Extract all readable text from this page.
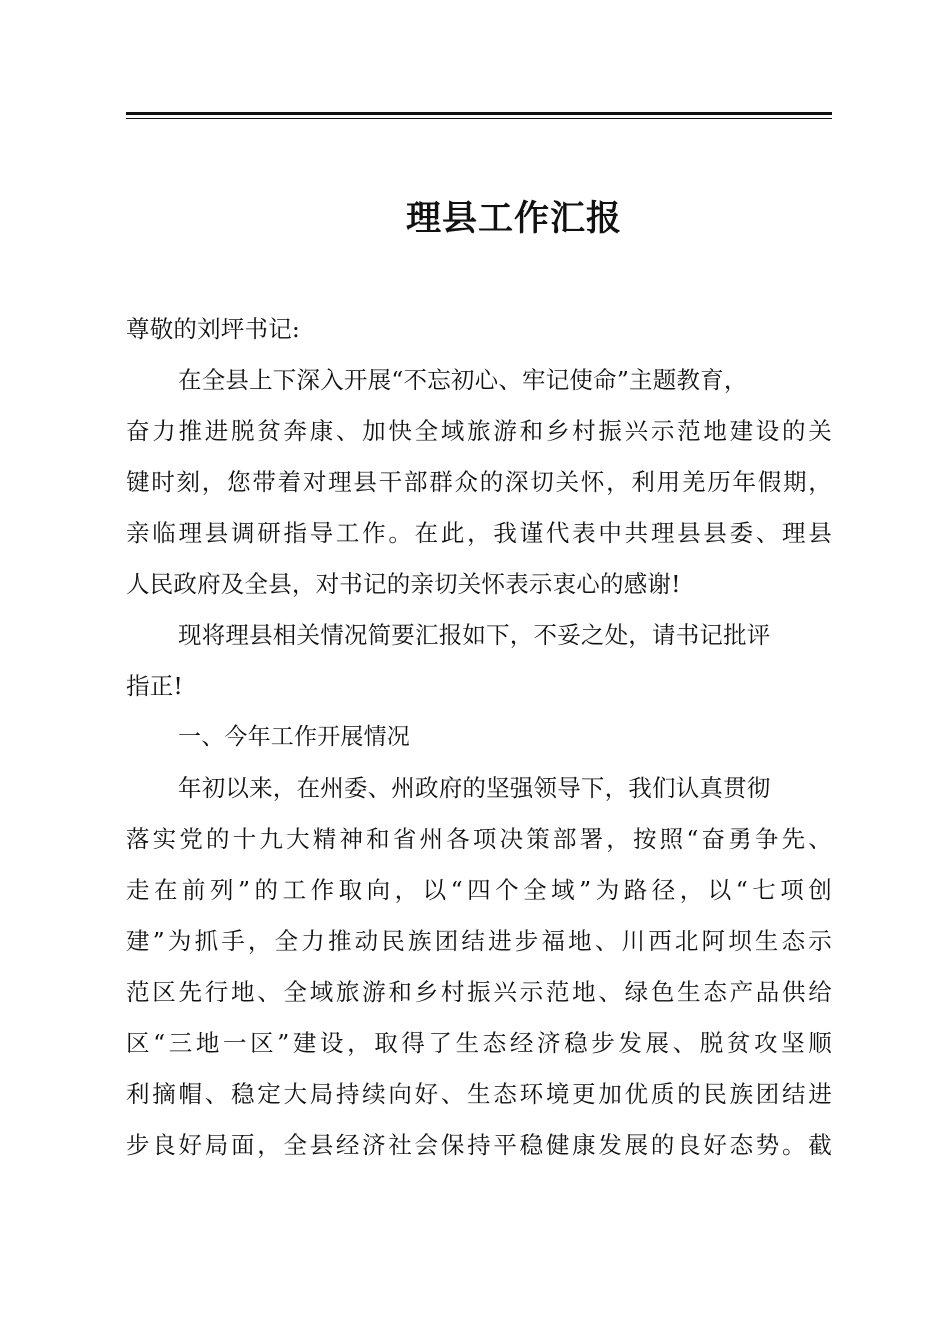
理县工作汇报
尊敬的刘坪书记:
在全县上下深入开展“不忘初心、牢记使命”主题教育，
奋力推进脱贫奔康、加快全域旅游和乡村振兴示范地建设的关
键时刻，您带着对理县干部群众的深切关怀，利用羌历年假期，
亲临理县调研指导工作。在此，我谨代表中共理县县委、理县
人民政府及全县，对书记的亲切关怀表示衷心的感谢!
现将理县相关情况简要汇报如下，不妥之处，请书记批评
指正!
一、今年工作开展情况
年初以来，在州委、州政府的坚强领导下，我们认真贯彻
落实党的十九大精神和省州各项决策部署，按照“奋勇争先、
走在前列”的工作取向，以“四个全域”为路径，以“七项创
建”为抓手，全力推动民族团结进步福地、川西北阿坝生态示
范区先行地、全域旅游和乡村振兴示范地、绿色生态产品供给
区“三地一区”建设，取得了生态经济稳步发展、脱贫攻坚顺
利摘帽、稳定大局持续向好、生态环境更加优质的民族团结进
步良好局面，全县经济社会保持平稳健康发展的良好态势。截
